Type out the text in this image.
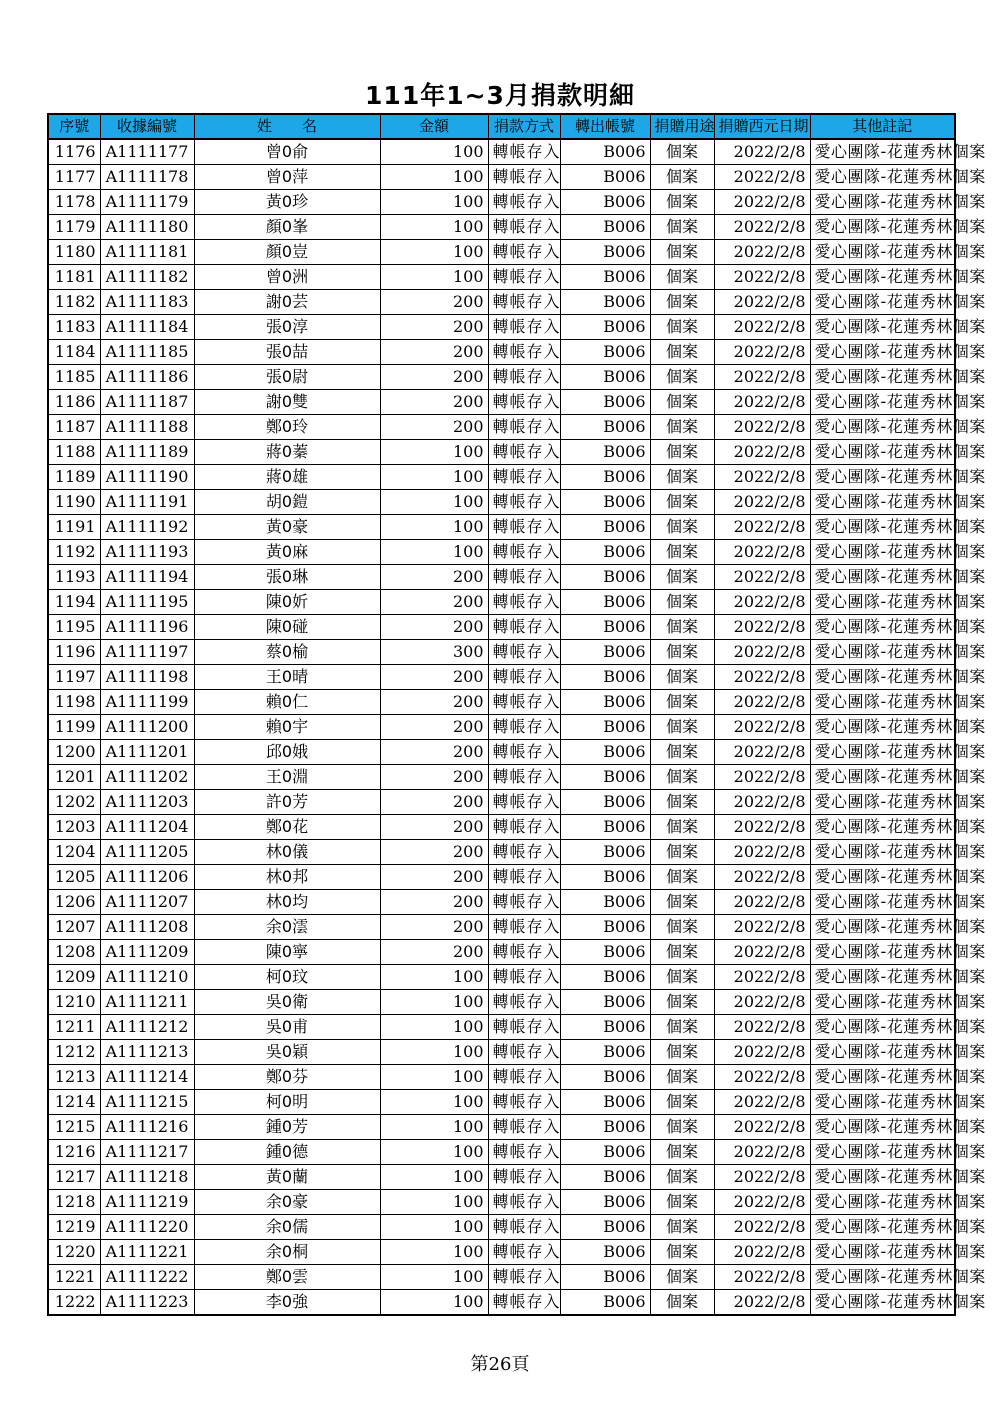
111年1~3月捐款明細
序號	收據編號	姓　　名	金額	捐款方式	轉出帳號	捐贈用途	捐贈西元日期	其他註記
1176	A1111177	曾0俞	100	轉帳存入	B006	個案	2022/2/8	愛心團隊-花蓮秀林個案
1177	A1111178	曾0萍	100	轉帳存入	B006	個案	2022/2/8	愛心團隊-花蓮秀林個案
1178	A1111179	黃0珍	100	轉帳存入	B006	個案	2022/2/8	愛心團隊-花蓮秀林個案
1179	A1111180	顏0峯	100	轉帳存入	B006	個案	2022/2/8	愛心團隊-花蓮秀林個案
1180	A1111181	顏0豈	100	轉帳存入	B006	個案	2022/2/8	愛心團隊-花蓮秀林個案
1181	A1111182	曾0洲	100	轉帳存入	B006	個案	2022/2/8	愛心團隊-花蓮秀林個案
1182	A1111183	謝0芸	200	轉帳存入	B006	個案	2022/2/8	愛心團隊-花蓮秀林個案
1183	A1111184	張0淳	200	轉帳存入	B006	個案	2022/2/8	愛心團隊-花蓮秀林個案
1184	A1111185	張0喆	200	轉帳存入	B006	個案	2022/2/8	愛心團隊-花蓮秀林個案
1185	A1111186	張0尉	200	轉帳存入	B006	個案	2022/2/8	愛心團隊-花蓮秀林個案
1186	A1111187	謝0雙	200	轉帳存入	B006	個案	2022/2/8	愛心團隊-花蓮秀林個案
1187	A1111188	鄭0玲	200	轉帳存入	B006	個案	2022/2/8	愛心團隊-花蓮秀林個案
1188	A1111189	蔣0蓁	100	轉帳存入	B006	個案	2022/2/8	愛心團隊-花蓮秀林個案
1189	A1111190	蔣0雄	100	轉帳存入	B006	個案	2022/2/8	愛心團隊-花蓮秀林個案
1190	A1111191	胡0鎧	100	轉帳存入	B006	個案	2022/2/8	愛心團隊-花蓮秀林個案
1191	A1111192	黃0豪	100	轉帳存入	B006	個案	2022/2/8	愛心團隊-花蓮秀林個案
1192	A1111193	黃0麻	100	轉帳存入	B006	個案	2022/2/8	愛心團隊-花蓮秀林個案
1193	A1111194	張0琳	200	轉帳存入	B006	個案	2022/2/8	愛心團隊-花蓮秀林個案
1194	A1111195	陳0妡	200	轉帳存入	B006	個案	2022/2/8	愛心團隊-花蓮秀林個案
1195	A1111196	陳0碰	200	轉帳存入	B006	個案	2022/2/8	愛心團隊-花蓮秀林個案
1196	A1111197	蔡0榆	300	轉帳存入	B006	個案	2022/2/8	愛心團隊-花蓮秀林個案
1197	A1111198	王0晴	200	轉帳存入	B006	個案	2022/2/8	愛心團隊-花蓮秀林個案
1198	A1111199	賴0仁	200	轉帳存入	B006	個案	2022/2/8	愛心團隊-花蓮秀林個案
1199	A1111200	賴0宇	200	轉帳存入	B006	個案	2022/2/8	愛心團隊-花蓮秀林個案
1200	A1111201	邱0娥	200	轉帳存入	B006	個案	2022/2/8	愛心團隊-花蓮秀林個案
1201	A1111202	王0淵	200	轉帳存入	B006	個案	2022/2/8	愛心團隊-花蓮秀林個案
1202	A1111203	許0芳	200	轉帳存入	B006	個案	2022/2/8	愛心團隊-花蓮秀林個案
1203	A1111204	鄭0花	200	轉帳存入	B006	個案	2022/2/8	愛心團隊-花蓮秀林個案
1204	A1111205	林0儀	200	轉帳存入	B006	個案	2022/2/8	愛心團隊-花蓮秀林個案
1205	A1111206	林0邦	200	轉帳存入	B006	個案	2022/2/8	愛心團隊-花蓮秀林個案
1206	A1111207	林0均	200	轉帳存入	B006	個案	2022/2/8	愛心團隊-花蓮秀林個案
1207	A1111208	余0澐	200	轉帳存入	B006	個案	2022/2/8	愛心團隊-花蓮秀林個案
1208	A1111209	陳0寧	200	轉帳存入	B006	個案	2022/2/8	愛心團隊-花蓮秀林個案
1209	A1111210	柯0玟	100	轉帳存入	B006	個案	2022/2/8	愛心團隊-花蓮秀林個案
1210	A1111211	吳0衛	100	轉帳存入	B006	個案	2022/2/8	愛心團隊-花蓮秀林個案
1211	A1111212	吳0甫	100	轉帳存入	B006	個案	2022/2/8	愛心團隊-花蓮秀林個案
1212	A1111213	吳0穎	100	轉帳存入	B006	個案	2022/2/8	愛心團隊-花蓮秀林個案
1213	A1111214	鄭0芬	100	轉帳存入	B006	個案	2022/2/8	愛心團隊-花蓮秀林個案
1214	A1111215	柯0明	100	轉帳存入	B006	個案	2022/2/8	愛心團隊-花蓮秀林個案
1215	A1111216	鍾0芳	100	轉帳存入	B006	個案	2022/2/8	愛心團隊-花蓮秀林個案
1216	A1111217	鍾0德	100	轉帳存入	B006	個案	2022/2/8	愛心團隊-花蓮秀林個案
1217	A1111218	黃0蘭	100	轉帳存入	B006	個案	2022/2/8	愛心團隊-花蓮秀林個案
1218	A1111219	余0豪	100	轉帳存入	B006	個案	2022/2/8	愛心團隊-花蓮秀林個案
1219	A1111220	余0儒	100	轉帳存入	B006	個案	2022/2/8	愛心團隊-花蓮秀林個案
1220	A1111221	余0桐	100	轉帳存入	B006	個案	2022/2/8	愛心團隊-花蓮秀林個案
1221	A1111222	鄭0雲	100	轉帳存入	B006	個案	2022/2/8	愛心團隊-花蓮秀林個案
1222	A1111223	李0強	100	轉帳存入	B006	個案	2022/2/8	愛心團隊-花蓮秀林個案
第26頁
